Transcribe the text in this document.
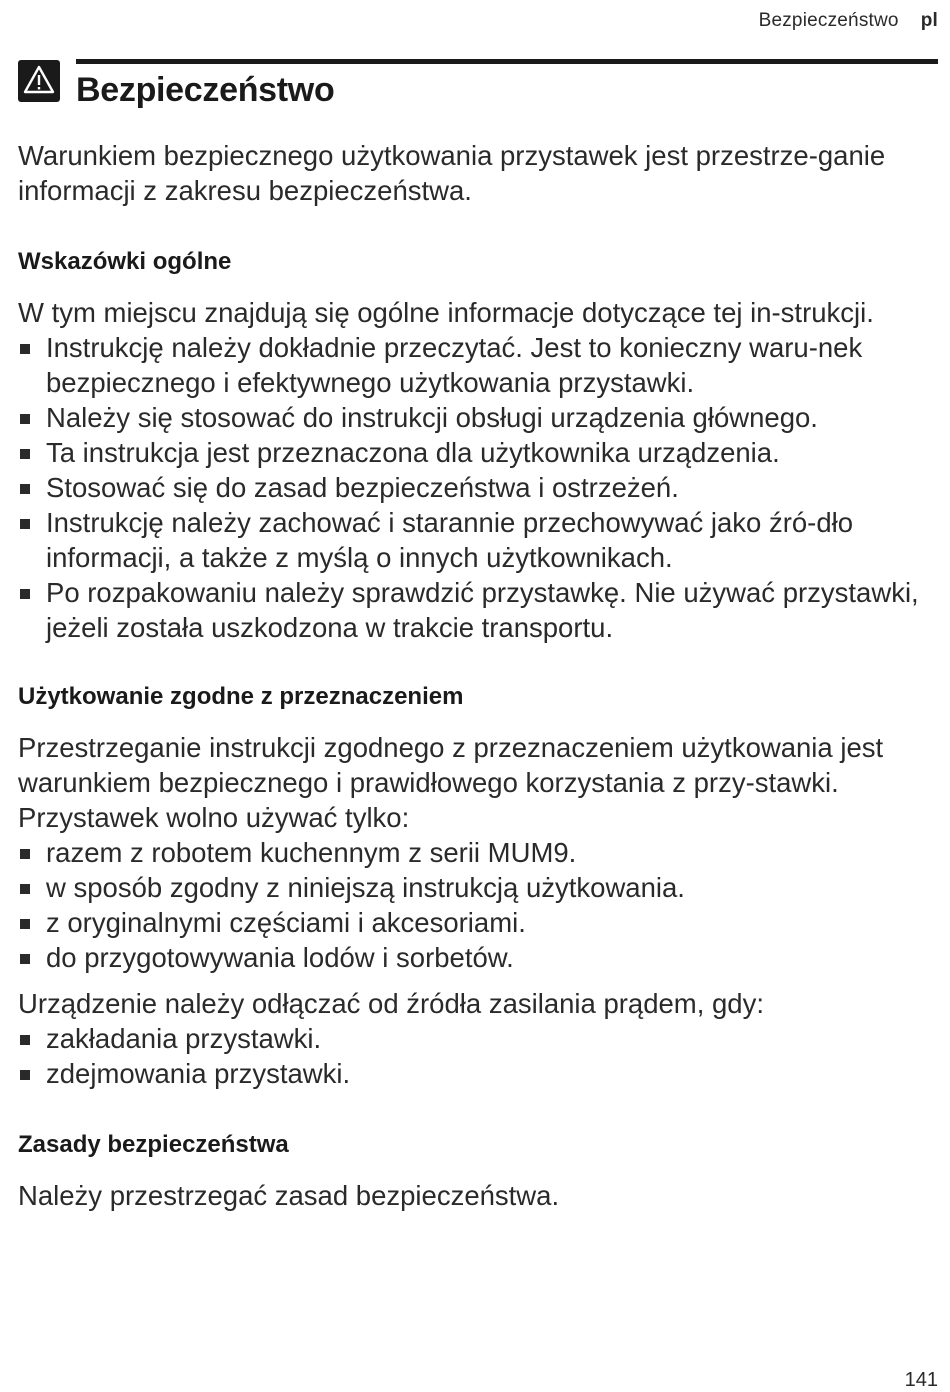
Bezpieczeństwo pl
Bezpieczeństwo

Warunkiem bezpiecznego użytkowania przystawek jest przestrze-ganie informacji z zakresu bezpieczeństwa.

Wskazówki ogólne

W tym miejscu znajdują się ogólne informacje dotyczące tej in-strukcji.

Instrukcję należy dokładnie przeczytać. Jest to konieczny waru-nek bezpiecznego i efektywnego użytkowania przystawki.
Należy się stosować do instrukcji obsługi urządzenia głównego.
Ta instrukcja jest przeznaczona dla użytkownika urządzenia.
Stosować się do zasad bezpieczeństwa i ostrzeżeń.
Instrukcję należy zachować i starannie przechowywać jako źró-dło informacji, a także z myślą o innych użytkownikach.
Po rozpakowaniu należy sprawdzić przystawkę. Nie używać przystawki, jeżeli została uszkodzona w trakcie transportu.

Użytkowanie zgodne z przeznaczeniem

Przestrzeganie instrukcji zgodnego z przeznaczeniem użytkowania jest warunkiem bezpiecznego i prawidłowego korzystania z przy-stawki.

Przystawek wolno używać tylko:

razem z robotem kuchennym z serii MUM9.
w sposób zgodny z niniejszą instrukcją użytkowania.
z oryginalnymi częściami i akcesoriami.
do przygotowywania lodów i sorbetów.

Urządzenie należy odłączać od źródła zasilania prądem, gdy:

zakładania przystawki.
zdejmowania przystawki.

Zasady bezpieczeństwa

Należy przestrzegać zasad bezpieczeństwa.

141
